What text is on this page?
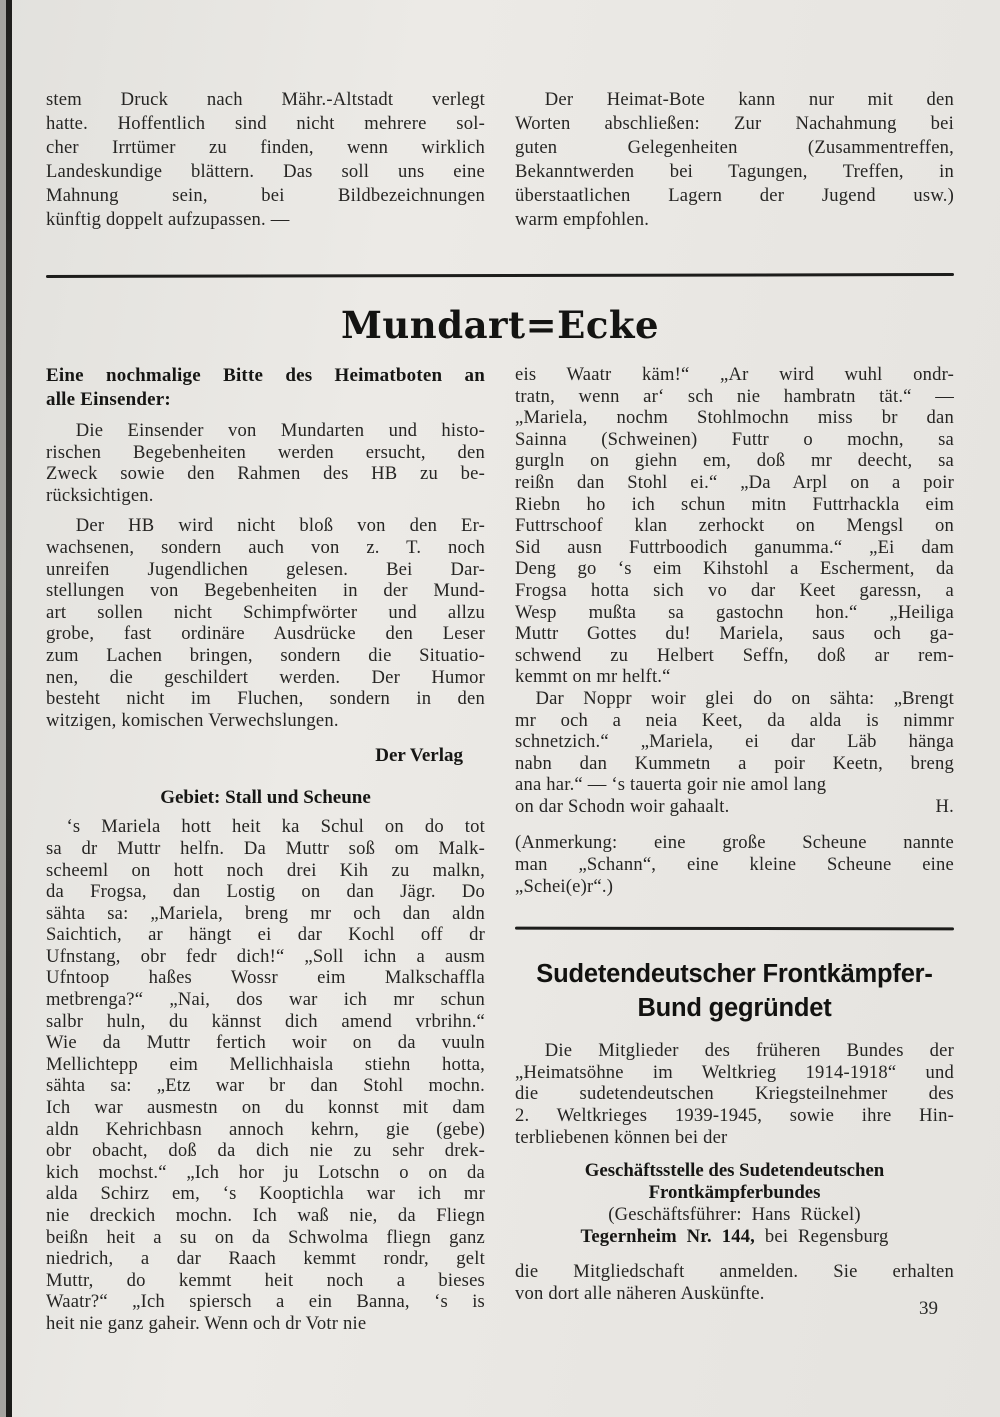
stem Druck nach Mähr.-Altstadt verlegt
hatte. Hoffentlich sind nicht mehrere sol-
cher Irrtümer zu finden, wenn wirklich
Landeskundige blättern. Das soll uns eine
Mahnung sein, bei Bildbezeichnungen
künftig doppelt aufzupassen. —
Der Heimat-Bote kann nur mit den
Worten abschließen: Zur Nachahmung bei
guten Gelegenheiten (Zusammentreffen,
Bekanntwerden bei Tagungen, Treffen, in
überstaatlichen Lagern der Jugend usw.)
warm empfohlen.
Mundart=Ecke
Eine nochmalige Bitte des Heimatboten an
alle Einsender:
Die Einsender von Mundarten und histo-
rischen Begebenheiten werden ersucht, den
Zweck sowie den Rahmen des HB zu be-
rücksichtigen.
Der HB wird nicht bloß von den Er-
wachsenen, sondern auch von z. T. noch
unreifen Jugendlichen gelesen. Bei Dar-
stellungen von Begebenheiten in der Mund-
art sollen nicht Schimpfwörter und allzu
grobe, fast ordinäre Ausdrücke den Leser
zum Lachen bringen, sondern die Situatio-
nen, die geschildert werden. Der Humor
besteht nicht im Fluchen, sondern in den
witzigen, komischen Verwechslungen.
Der Verlag
Gebiet: Stall und Scheune
‘s Mariela hott heit ka Schul on do tot
sa dr Muttr helfn. Da Muttr soß om Malk-
scheeml on hott noch drei Kih zu malkn,
da Frogsa, dan Lostig on dan Jägr. Do
sähta sa: „Mariela, breng mr och dan aldn
Saichtich, ar hängt ei dar Kochl off dr
Ufnstang, obr fedr dich!“ „Soll ichn a ausm
Ufntoop haßes Wossr eim Malkschaffla
metbrenga?“ „Nai, dos war ich mr schun
salbr huln, du kännst dich amend vrbrihn.“
Wie da Muttr fertich woir on da vuuln
Mellichtepp eim Mellichhaisla stiehn hotta,
sähta sa: „Etz war br dan Stohl mochn.
Ich war ausmestn on du konnst mit dam
aldn Kehrichbasn annoch kehrn, gie (gebe)
obr obacht, doß da dich nie zu sehr drek-
kich mochst.“ „Ich hor ju Lotschn o on da
alda Schirz em, ‘s Kooptichla war ich mr
nie dreckich mochn. Ich waß nie, da Fliegn
beißn heit a su on da Schwolma fliegn ganz
niedrich, a dar Raach kemmt rondr, gelt
Muttr, do kemmt heit noch a bieses
Waatr?“ „Ich spiersch a ein Banna, ‘s is
heit nie ganz gaheir. Wenn och dr Votr nie
eis Waatr käm!“ „Ar wird wuhl ondr-
tratn, wenn ar‘ sch nie hambratn tät.“ —
„Mariela, nochm Stohlmochn miss br dan
Sainna (Schweinen) Futtr o mochn, sa
gurgln on giehn em, doß mr deecht, sa
reißn dan Stohl ei.“ „Da Arpl on a poir
Riebn ho ich schun mitn Futtrhackla eim
Futtrschoof klan zerhockt on Mengsl on
Sid ausn Futtrboodich ganumma.“ „Ei dam
Deng go ‘s eim Kihstohl a Escherment, da
Frogsa hotta sich vo dar Keet garessn, a
Wesp mußta sa gastochn hon.“ „Heiliga
Muttr Gottes du! Mariela, saus och ga-
schwend zu Helbert Seffn, doß ar rem-
kemmt on mr helft.“
Dar Noppr woir glei do on sähta: „Brengt
mr och a neia Keet, da alda is nimmr
schnetzich.“ „Mariela, ei dar Läb hänga
nabn dan Kummetn a poir Keetn, breng
ana har.“ — ‘s tauerta goir nie amol lang
on dar Schodn woir gahaalt.	H.
(Anmerkung: eine große Scheune nannte
man „Schann“, eine kleine Scheune eine
„Schei(e)r“.)
Sudetendeutscher Frontkämpfer-
Bund gegründet
Die Mitglieder des früheren Bundes der
„Heimatsöhne im Weltkrieg 1914-1918“ und
die sudetendeutschen Kriegsteilnehmer des
2. Weltkrieges 1939-1945, sowie ihre Hin-
terbliebenen können bei der
Geschäftsstelle des Sudetendeutschen
Frontkämpferbundes
(Geschäftsführer: Hans Rückel)
Tegernheim Nr. 144, bei Regensburg
die Mitgliedschaft anmelden. Sie erhalten
von dort alle näheren Auskünfte.
39
